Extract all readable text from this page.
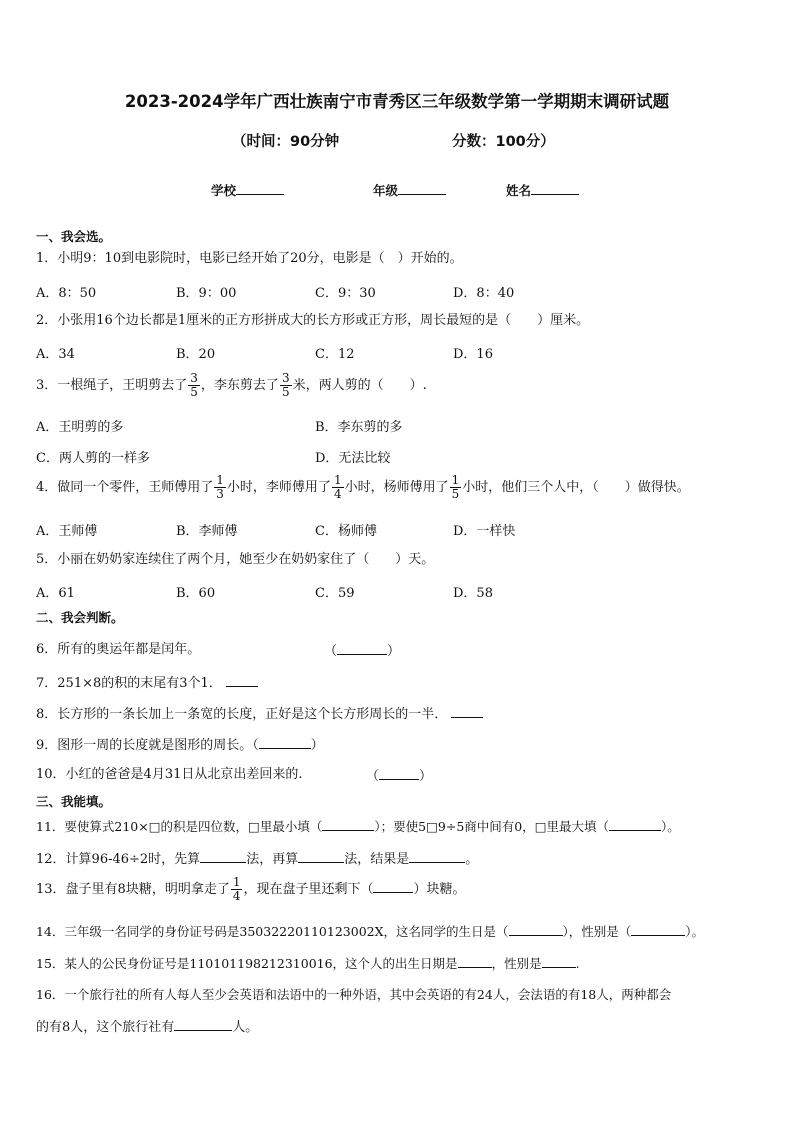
2023-2024学年广西壮族南宁市青秀区三年级数学第一学期期末调研试题
（时间：90分钟	分数：100分）
学校	年级	姓名
一、我会选。
1．小明9：10到电影院时，电影已经开始了20分，电影是（　）开始的。
A．8：50	B．9：00	C．9：30	D．8：40
2．小张用16个边长都是1厘米的正方形拼成大的长方形或正方形，周长最短的是（　　）厘米。
A．34	B．20	C．12	D．16
3．一根绳子，王明剪去了 $\frac{3}{5}$ ，李东剪去了 $\frac{3}{5}$ 米，两人剪的（　　）.
A．王明剪的多	B．李东剪的多
C．两人剪的一样多	D．无法比较
4．做同一个零件，王师傅用了 $\frac{1}{3}$ 小时，李师傅用了 $\frac{1}{4}$ 小时，杨师傅用了 $\frac{1}{5}$ 小时，他们三个人中，（　　）做得快。
A．王师傅	B．李师傅	C．杨师傅	D．一样快
5．小丽在奶奶家连续住了两个月，她至少在奶奶家住了（　　）天。
A．61	B．60	C．59	D．58
二、我会判断。
6．所有的奥运年都是闰年。	（	）
7．251×8的积的末尾有3个1．
8．长方形的一条长加上一条宽的长度，正好是这个长方形周长的一半．
9．图形一周的长度就是图形的周长。（	）
10．小红的爸爸是4月31日从北京出差回来的.	（	）
三、我能填。
11．要使算式210×□的积是四位数，□里最小填（	）；要使5□9÷5商中间有0，□里最大填（	）。
12．计算96-46÷2时，先算	法，再算	法，结果是	。
13．盘子里有8块糖，明明拿走了 $\frac{1}{4}$ ，现在盘子里还剩下（	）块糖。
14．三年级一名同学的身份证号码是35032220110123002X，这名同学的生日是（	），性别是（	）。
15．某人的公民身份证号是110101198212310016，这个人的出生日期是	，性别是	.
16．一个旅行社的所有人每人至少会英语和法语中的一种外语，其中会英语的有24人，会法语的有18人，两种都会
的有8人，这个旅行社有	人。
